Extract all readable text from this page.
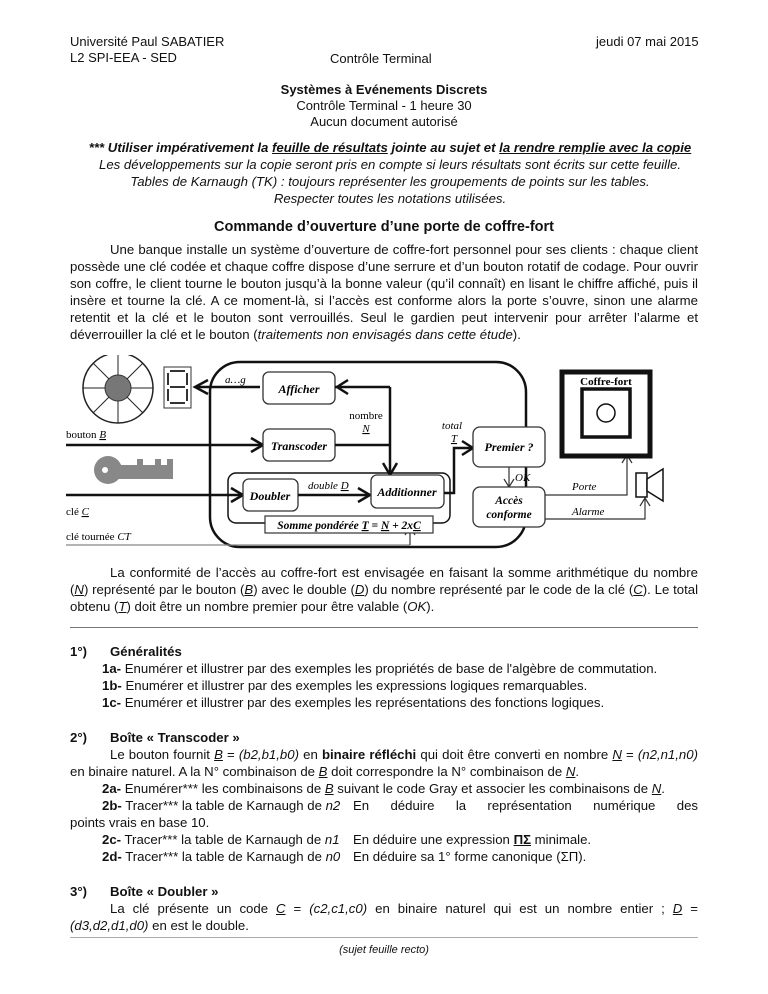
Université Paul SABATIER
L2 SPI-EEA - SED	Contrôle Terminal
jeudi 07 mai 2015
Systèmes à Evénements Discrets
Contrôle Terminal - 1 heure 30
Aucun document autorisé
*** Utiliser impérativement la feuille de résultats jointe au sujet et la rendre remplie avec la copie
Les développements sur la copie seront pris en compte si leurs résultats sont écrits sur cette feuille.
Tables de Karnaugh (TK) : toujours représenter les groupements de points sur les tables.
Respecter toutes les notations utilisées.
Commande d’ouverture d’une porte de coffre-fort
Une banque installe un système d’ouverture de coffre-fort personnel pour ses clients : chaque client possède une clé codée et chaque coffre dispose d’une serrure et d’un bouton rotatif de codage. Pour ouvrir son coffre, le client tourne le bouton jusqu’à la bonne valeur (qu’il connaît) en lisant le chiffre affiché, puis il insère et tourne la clé. A ce moment-là, si l’accès est conforme alors la porte s’ouvre, sinon une alarme retentit et la clé et le bouton sont verrouillés. Seul le gardien peut intervenir pour arrêter l’alarme et déverrouiller la clé et le bouton (traitements non envisagés dans cette étude).
a…g
Afficher
nombre
N
bouton B
Transcoder
clé C
clé tournée CT
Somme pondérée T = N + 2xC
Doubler
double D Additionner
total
T
Premier ?
OK
Accès
conforme
Porte
Alarme
Coffre-fort
La conformité de l’accès au coffre-fort est envisagée en faisant la somme arithmétique du nombre (N) représenté par le bouton (B) avec le double (D) du nombre représenté par le code de la clé (C). Le total obtenu (T) doit être un nombre premier pour être valable (OK).
1°) Généralités
1a- Enumérer et illustrer par des exemples les propriétés de base de l'algèbre de commutation.
1b- Enumérer et illustrer par des exemples les expressions logiques remarquables.
1c- Enumérer et illustrer par des exemples les représentations des fonctions logiques.
2°) Boîte « Transcoder »
Le bouton fournit B = (b2,b1,b0) en binaire réfléchi qui doit être converti en nombre N = (n2,n1,n0) en binaire naturel. A la N° combinaison de B doit correspondre la N° combinaison de N.
2a- Enumérer*** les combinaisons de B suivant le code Gray et associer les combinaisons de N.
2b- Tracer*** la table de Karnaugh de n2 En déduire la représentation numérique des
points vrais en base 10.
2c- Tracer*** la table de Karnaugh de n1	En déduire une expression ΠΣ minimale.
2d- Tracer*** la table de Karnaugh de n0 En déduire sa 1° forme canonique (ΣΠ).
3°) Boîte « Doubler »
La clé présente un code C = (c2,c1,c0) en binaire naturel qui est un nombre entier ; D = (d3,d2,d1,d0) en est le double.
(sujet feuille recto)
